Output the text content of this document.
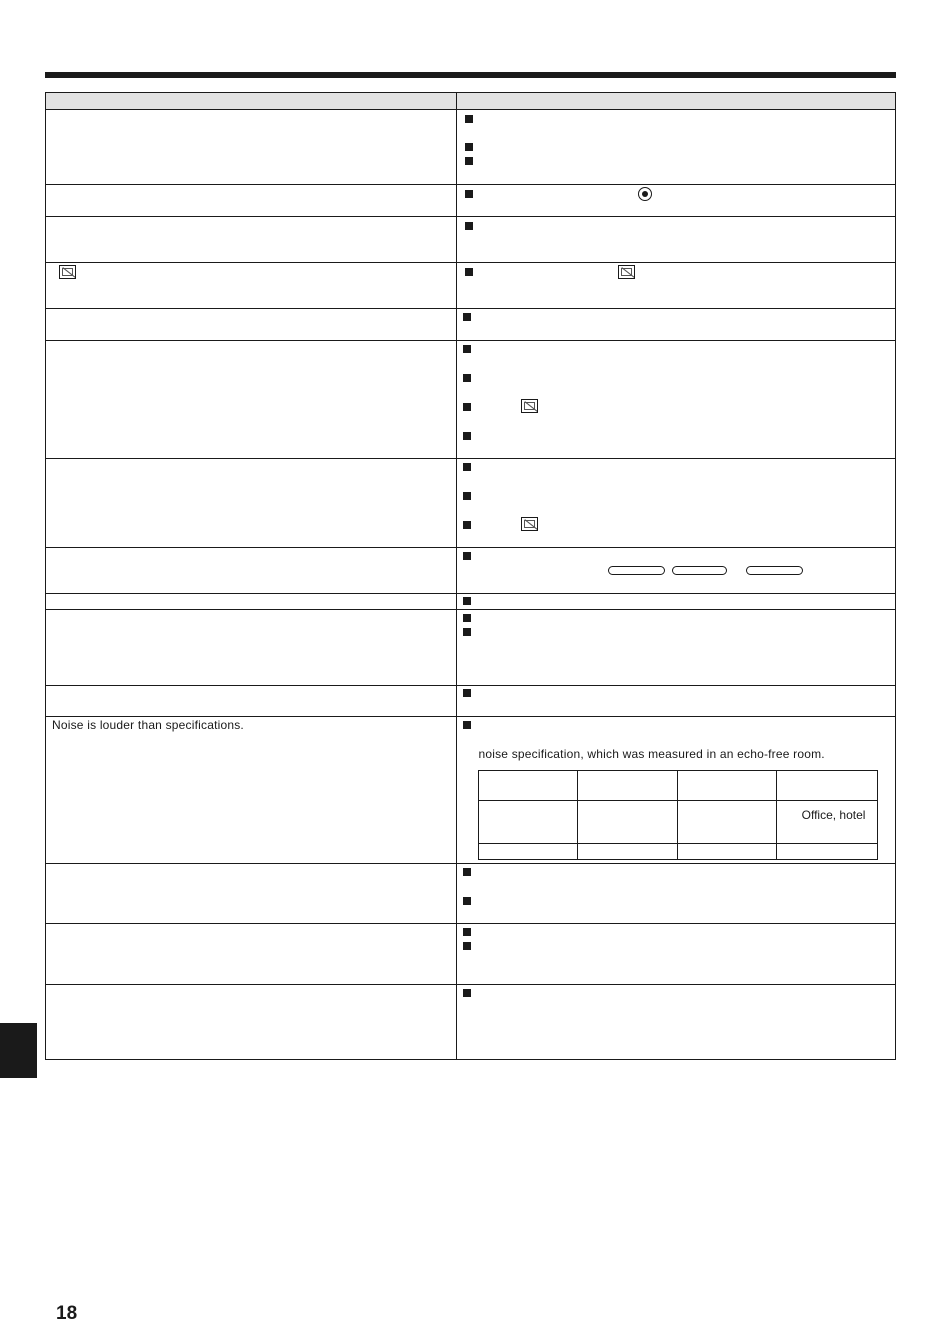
Noise is louder than specifications.

noise specification, which was measured in an echo-free room.

			Office, hotel

18
